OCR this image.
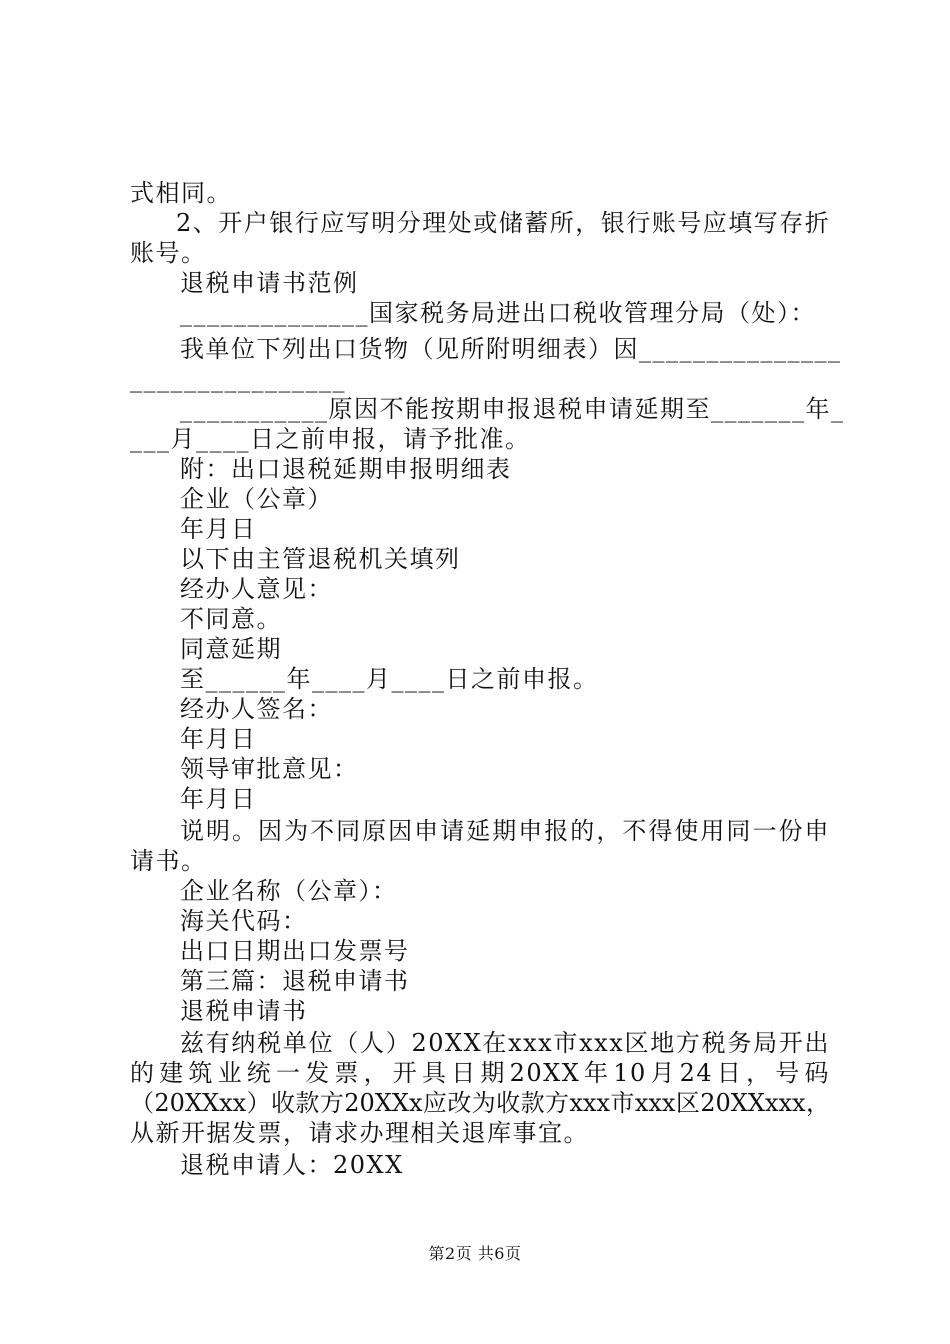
式相同。
2、开户银行应写明分理处或储蓄所，银行账号应填写存折
账号。
退税申请书范例
______________国家税务局进出口税收管理分局（处）：
我单位下列出口货物（见所附明细表）因_______________
________________
___________原因不能按期申报退税申请延期至_______年_
___月____日之前申报，请予批准。
附：出口退税延期申报明细表
企业（公章）
年月日
以下由主管退税机关填列
经办人意见：
不同意。
同意延期
至______年____月____日之前申报。
经办人签名：
年月日
领导审批意见：
年月日
说明。因为不同原因申请延期申报的，不得使用同一份申
请书。
企业名称（公章）：
海关代码：
出口日期出口发票号
第三篇：退税申请书
退税申请书
兹有纳税单位（人）20XX在xxx市xxx区地方税务局开出
的建筑业统一发票，开具日期20XX年10月24日，号码
（20XXxx）收款方20XXx应改为收款方xxx市xxx区20XXxxx，
从新开据发票，请求办理相关退库事宜。
退税申请人：20XX
第2页 共6页
